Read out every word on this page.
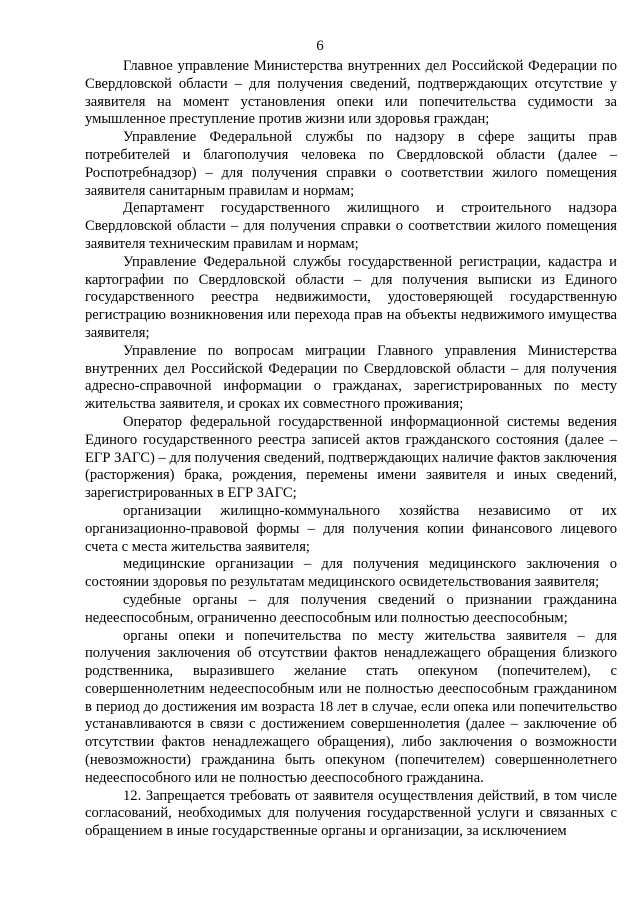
6

Главное управление Министерства внутренних дел Российской Федерации по Свердловской области – для получения сведений, подтверждающих отсутствие у заявителя на момент установления опеки или попечительства судимости за умышленное преступление против жизни или здоровья граждан;

Управление Федеральной службы по надзору в сфере защиты прав потребителей и благополучия человека по Свердловской области (далее – Роспотребнадзор) – для получения справки о соответствии жилого помещения заявителя санитарным правилам и нормам;

Департамент государственного жилищного и строительного надзора Свердловской области – для получения справки о соответствии жилого помещения заявителя техническим правилам и нормам;

Управление Федеральной службы государственной регистрации, кадастра и картографии по Свердловской области – для получения выписки из Единого государственного реестра недвижимости, удостоверяющей государственную регистрацию возникновения или перехода прав на объекты недвижимого имущества заявителя;

Управление по вопросам миграции Главного управления Министерства внутренних дел Российской Федерации по Свердловской области – для получения адресно-справочной информации о гражданах, зарегистрированных по месту жительства заявителя, и сроках их совместного проживания;

Оператор федеральной государственной информационной системы ведения Единого государственного реестра записей актов гражданского состояния (далее – ЕГР ЗАГС) – для получения сведений, подтверждающих наличие фактов заключения (расторжения) брака, рождения, перемены имени заявителя и иных сведений, зарегистрированных в ЕГР ЗАГС;

организации жилищно-коммунального хозяйства независимо от их организационно-правовой формы – для получения копии финансового лицевого счета с места жительства заявителя;

медицинские организации – для получения медицинского заключения о состоянии здоровья по результатам медицинского освидетельствования заявителя;

судебные органы – для получения сведений о признании гражданина недееспособным, ограниченно дееспособным или полностью дееспособным;

органы опеки и попечительства по месту жительства заявителя – для получения заключения об отсутствии фактов ненадлежащего обращения близкого родственника, выразившего желание стать опекуном (попечителем), с совершеннолетним недееспособным или не полностью дееспособным гражданином в период до достижения им возраста 18 лет в случае, если опека или попечительство устанавливаются в связи с достижением совершеннолетия (далее – заключение об отсутствии фактов ненадлежащего обращения), либо заключения о возможности (невозможности) гражданина быть опекуном (попечителем) совершеннолетнего недееспособного или не полностью дееспособного гражданина.

12. Запрещается требовать от заявителя осуществления действий, в том числе согласований, необходимых для получения государственной услуги и связанных с обращением в иные государственные органы и организации, за исключением
